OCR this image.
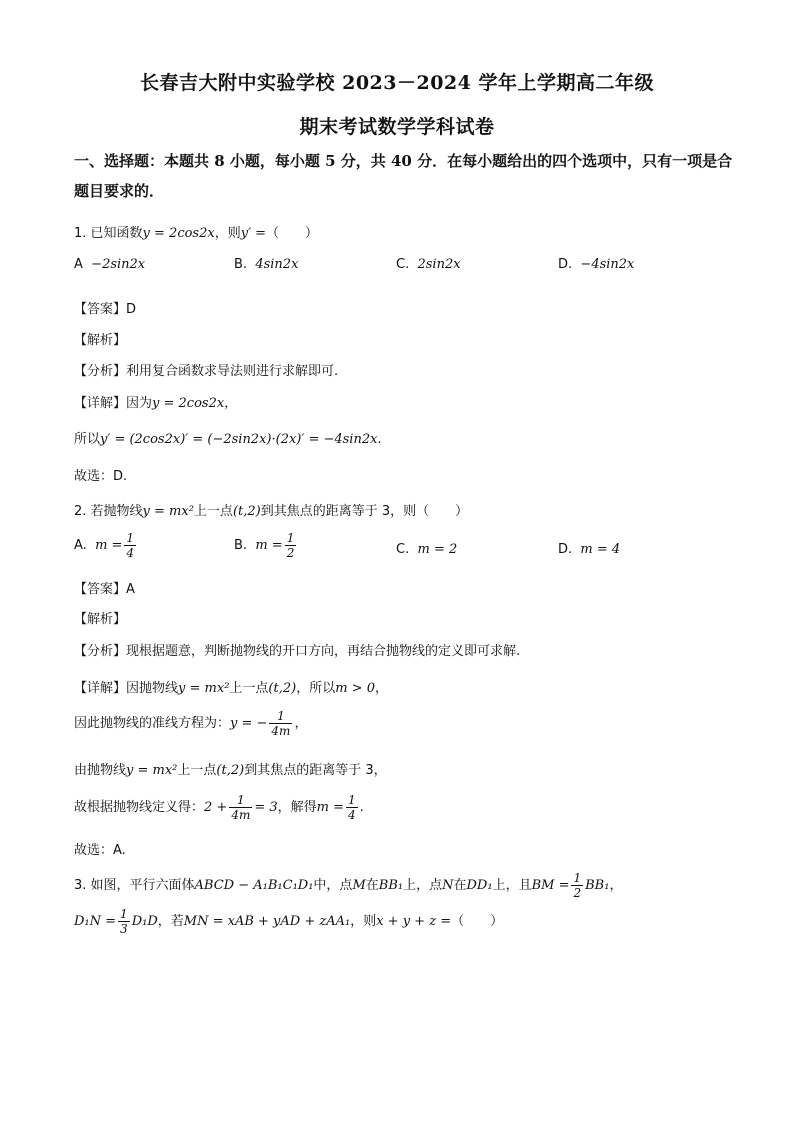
长春吉大附中实验学校 2023－2024 学年上学期高二年级
期末考试数学学科试卷
一、选择题：本题共 8 小题，每小题 5 分，共 40 分．在每小题给出的四个选项中，只有一项是合题目要求的．
1. 已知函数y = 2cos2x，则y′ =（　　）
A −2sin2x	B. 4sin2x	C. 2sin2x	D. −4sin2x
【答案】D
【解析】
【分析】利用复合函数求导法则进行求解即可.
【详解】因为y = 2cos2x，
所以y′ = (2cos2x)′ = (−2sin2x)·(2x)′ = −4sin2x.
故选：D.
2. 若抛物线y = mx²上一点(t,2)到其焦点的距离等于 3，则（　　）
A. $m = \frac{1}{4}$	B. $m = \frac{1}{2}$	C. m = 2	D. m = 4
【答案】A
【解析】
【分析】现根据题意，判断抛物线的开口方向，再结合抛物线的定义即可求解.
【详解】因抛物线y = mx²上一点(t,2)，所以m > 0，
因此抛物线的准线方程为：y = − $\frac{1}{4m}$ ，
由抛物线y = mx²上一点(t,2)到其焦点的距离等于 3，
故根据抛物线定义得：$2 + \frac{1}{4m} = 3$，解得$m = \frac{1}{4}$ .
故选：A.
3. 如图，平行六面体ABCD − A₁B₁C₁D₁中，点M在BB₁上，点N在DD₁上，且BM = $\frac{1}{2} BB_1$，
$D_1N = \frac{1}{3} D_1D$，若MN = xAB + yAD + zAA₁，则x + y + z =（　　）
